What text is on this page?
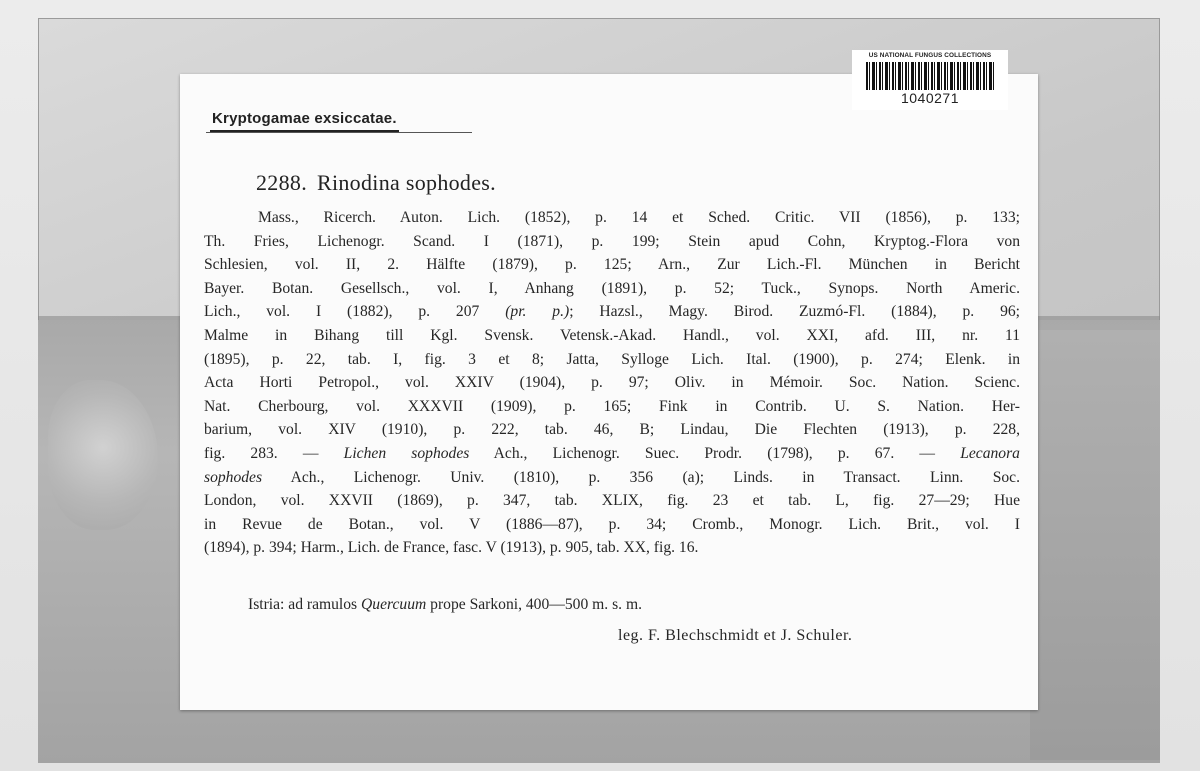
Kryptogamae exsiccatae.
2288. Rinodina sophodes.
Mass., Ricerch. Auton. Lich. (1852), p. 14 et Sched. Critic. VII (1856), p. 133;
Th. Fries, Lichenogr. Scand. I (1871), p. 199; Stein apud Cohn, Kryptog.-Flora von
Schlesien, vol. II, 2. Hälfte (1879), p. 125; Arn., Zur Lich.-Fl. München in Bericht
Bayer. Botan. Gesellsch., vol. I, Anhang (1891), p. 52; Tuck., Synops. North Americ.
Lich., vol. I (1882), p. 207 (pr. p.); Hazsl., Magy. Birod. Zuzmó-Fl. (1884), p. 96;
Malme in Bihang till Kgl. Svensk. Vetensk.-Akad. Handl., vol. XXI, afd. III, nr. 11
(1895), p. 22, tab. I, fig. 3 et 8; Jatta, Sylloge Lich. Ital. (1900), p. 274; Elenk. in
Acta Horti Petropol., vol. XXIV (1904), p. 97; Oliv. in Mémoir. Soc. Nation. Scienc.
Nat. Cherbourg, vol. XXXVII (1909), p. 165; Fink in Contrib. U. S. Nation. Her-
barium, vol. XIV (1910), p. 222, tab. 46, B; Lindau, Die Flechten (1913), p. 228,
fig. 283. — Lichen sophodes Ach., Lichenogr. Suec. Prodr. (1798), p. 67. — Lecanora
sophodes Ach., Lichenogr. Univ. (1810), p. 356 (a); Linds. in Transact. Linn. Soc.
London, vol. XXVII (1869), p. 347, tab. XLIX, fig. 23 et tab. L, fig. 27—29; Hue
in Revue de Botan., vol. V (1886—87), p. 34; Cromb., Monogr. Lich. Brit., vol. I
(1894), p. 394; Harm., Lich. de France, fasc. V (1913), p. 905, tab. XX, fig. 16.
Istria: ad ramulos Quercuum prope Sarkoni, 400—500 m. s. m.
leg. F. Blechschmidt et J. Schuler.
US NATIONAL FUNGUS COLLECTIONS
1040271
